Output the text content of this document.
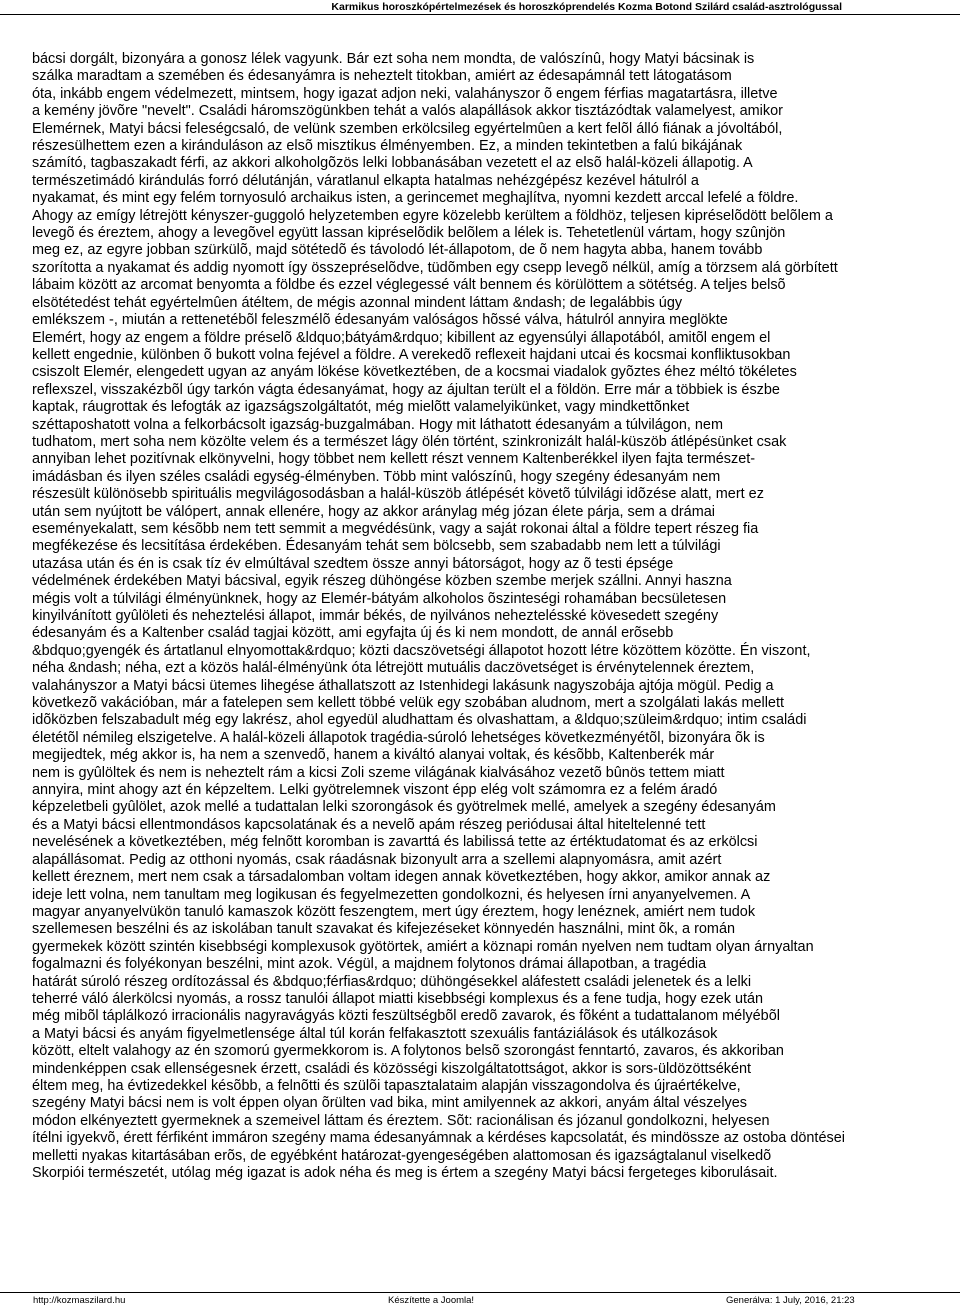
Karmikus horoszkópértelmezések és horoszkóprendelés Kozma Botond Szilárd család-asztrológussal
bácsi dorgált, bizonyára a gonosz lélek vagyunk. Bár ezt soha nem mondta, de valószínû, hogy Matyi bácsinak is
szálka maradtam a szemében és édesanyámra is neheztelt titokban, amiért az édesapámnál tett látogatásom
óta, inkább engem védelmezett, mintsem, hogy igazat adjon neki, valahányszor õ engem férfias magatartásra, illetve
a kemény jövõre "nevelt". Családi háromszögünkben tehát a valós alapállások akkor tisztázódtak valamelyest, amikor
Elemérnek, Matyi bácsi feleségcsaló, de velünk szemben erkölcsileg egyértelmûen a kert felõl álló fiának a jóvoltából,
részesülhettem ezen a kiránduláson az elsõ misztikus élményemben. Ez, a minden tekintetben a falú bikájának
számító, tagbaszakadt férfi, az akkori alkoholgõzös lelki lobbanásában vezetett el az elsõ halál-közeli állapotig. A
természetimádó kirándulás forró délutánján, váratlanul elkapta hatalmas nehézgépész kezével hátulról a
nyakamat, és mint egy felém tornyosuló archaikus isten, a gerincemet meghajlítva, nyomni kezdett arccal lefelé a földre.
Ahogy az emígy létrejött kényszer-guggoló helyzetemben egyre közelebb kerültem a földhöz, teljesen kipréselõdött belõlem a
levegõ és éreztem, ahogy a levegõvel együtt lassan kipréselõdik belõlem a lélek is. Tehetetlenül vártam, hogy szûnjön
meg ez, az egyre jobban szürkülõ, majd sötétedõ és távolodó lét-állapotom, de õ nem hagyta abba, hanem tovább
szorította a nyakamat és addig nyomott így összepréselõdve, tüdõmben egy csepp levegõ nélkül, amíg a törzsem alá görbített
lábaim között az arcomat benyomta a földbe és ezzel véglegessé vált bennem és körülöttem a sötétség. A teljes belsõ
elsötétedést tehát egyértelmûen átéltem, de mégis azonnal mindent láttam &ndash; de legalábbis úgy
emlékszem -, miután a rettenetébõl feleszmélõ édesanyám valóságos hõssé válva, hátulról annyira meglökte
Elemért, hogy az engem a földre préselõ &ldquo;bátyám&rdquo; kibillent az egyensúlyi állapotából, amitõl engem el
kellett engednie, különben õ bukott volna fejével a földre. A verekedõ reflexeit hajdani utcai és kocsmai konfliktusokban
csiszolt Elemér, elengedett ugyan az anyám lökése következtében, de a kocsmai viadalok gyõztes éhez méltó tökéletes
reflexszel, visszakézbõl úgy tarkón vágta édesanyámat, hogy az ájultan terült el a földön. Erre már a többiek is észbe
kaptak, ráugrottak és lefogták az igazságszolgáltatót, még mielõtt valamelyikünket, vagy mindkettõnket
széttaposhatott volna a felkorbácsolt igazság-buzgalmában. Hogy mit láthatott édesanyám a túlvilágon, nem
tudhatom, mert soha nem közölte velem és a természet lágy ölén történt, szinkronizált halál-küszöb átlépésünket csak
annyiban lehet pozitívnak elkönyvelni, hogy többet nem kellett részt vennem Kaltenberékkel ilyen fajta természet-
imádásban és ilyen széles családi egység-élményben. Több mint valószínû, hogy szegény édesanyám nem
részesült különösebb spirituális megvilágosodásban a halál-küszöb átlépését követõ túlvilági idõzése alatt, mert ez
után sem nyújtott be válópert, annak ellenére, hogy az akkor aránylag még józan élete párja, sem a drámai
eseményekalatt, sem késõbb nem tett semmit a megvédésünk, vagy a saját rokonai által a földre tepert részeg fia
megfékezése és lecsitítása érdekében. Édesanyám tehát sem bölcsebb, sem szabadabb nem lett a túlvilági
utazása után és én is csak tíz év elmúltával szedtem össze annyi bátorságot, hogy az õ testi épsége
védelmének érdekében Matyi bácsival, egyik részeg dühöngése közben szembe merjek szállni. Annyi haszna
mégis volt a túlvilági élményünknek, hogy az Elemér-bátyám alkoholos õszinteségi rohamában becsületesen
kinyilvánított gyûlöleti és neheztelési állapot, immár békés, de nyilvános neheztelésské kövesedett szegény
édesanyám és a Kaltenber család tagjai között, ami egyfajta új és ki nem mondott, de annál erõsebb
&bdquo;gyengék és ártatlanul elnyomottak&rdquo; közti dacszövetségi állapotot hozott létre közöttem közötte. Én viszont,
néha &ndash; néha, ezt a közös halál-élményünk óta létrejött mutuális daczövetséget is érvénytelennek éreztem,
valahányszor a Matyi bácsi ütemes lihegése áthallatszott az Istenhidegi lakásunk nagyszobája ajtója mögül. Pedig a
következõ vakációban, már a fatelepen sem kellett többé velük egy szobában aludnom, mert a szolgálati lakás mellett
idõközben felszabadult még egy lakrész, ahol egyedül aludhattam és olvashattam, a &ldquo;szüleim&rdquo; intim családi
életétõl némileg elszigetelve. A halál-közeli állapotok tragédia-súroló lehetséges következményétõl, bizonyára õk is
megijedtek, még akkor is, ha nem a szenvedõ, hanem a kiváltó alanyai voltak, és késõbb, Kaltenberék már
nem is gyûlöltek és nem is neheztelt rám a kicsi Zoli szeme világának kialvásához vezetõ bûnös tettem miatt
annyira, mint ahogy azt én képzeltem. Lelki gyötrelemnek viszont épp elég volt számomra ez a felém áradó
képzeletbeli gyûlölet, azok mellé a tudattalan lelki szorongások és gyötrelmek mellé, amelyek a szegény édesanyám
és a Matyi bácsi ellentmondásos kapcsolatának és a nevelõ apám részeg periódusai által hiteltelenné tett
nevelésének a következtében, még felnõtt koromban is zavarttá és labilissá tette az értéktudatomat és az erkölcsi
alapállásomat. Pedig az otthoni nyomás, csak ráadásnak bizonyult arra a szellemi alapnyomásra, amit azért
kellett éreznem, mert nem csak a társadalomban voltam idegen annak következtében, hogy akkor, amikor annak az
ideje lett volna, nem tanultam meg logikusan és fegyelmezetten gondolkozni, és helyesen írni anyanyelvemen. A
magyar anyanyelvükön tanuló kamaszok között feszengtem, mert úgy éreztem, hogy lenéznek, amiért nem tudok
szellemesen beszélni és az iskolában tanult szavakat és kifejezéseket könnyedén használni, mint õk, a román
gyermekek között szintén kisebbségi komplexusok gyötörtek, amiért a köznapi román nyelven nem tudtam olyan árnyaltan
fogalmazni és folyékonyan beszélni, mint azok. Végül, a majdnem folytonos drámai állapotban, a tragédia
határát súroló részeg ordítozással és &bdquo;férfias&rdquo; dühöngésekkel aláfestett családi jelenetek és a lelki
teherré váló álerkölcsi nyomás, a rossz tanulói állapot miatti kisebbségi komplexus és a fene tudja, hogy ezek után
még mibõl táplálkozó irracionális nagyravágyás közti feszültségbõl eredõ zavarok, és fõként a tudattalanom mélyébõl
a Matyi bácsi és anyám figyelmetlensége által túl korán felfakasztott szexuális fantáziálások és utálkozások
között, eltelt valahogy az én szomorú gyermekkorom is. A folytonos belsõ szorongást fenntartó, zavaros, és akkoriban
mindenképpen csak ellenségesnek érzett, családi és közösségi kiszolgáltatottságot, akkor is sors-üldözöttséként
éltem meg, ha évtizedekkel késõbb, a felnõtti és szülõi tapasztalataim alapján visszagondolva és újraértékelve,
szegény Matyi bácsi nem is volt éppen olyan õrülten vad bika, mint amilyennek az akkori, anyám által vészelyes
módon elkényeztett gyermeknek a szemeivel láttam és éreztem. Sõt: racionálisan és józanul gondolkozni, helyesen
ítélni igyekvõ, érett férfiként immáron szegény mama édesanyámnak a kérdéses kapcsolatát, és mindössze az ostoba döntései
melletti nyakas kitartásában erõs, de egyébként határozat-gyengeségében alattomosan és igazságtalanul viselkedõ
Skorpiói természetét, utólag még igazat is adok néha és meg is értem a szegény Matyi bácsi fergeteges kiborulásait.
http://kozmaszilard.hu	Készítette a Joomla!	Generálva: 1 July, 2016, 21:23
